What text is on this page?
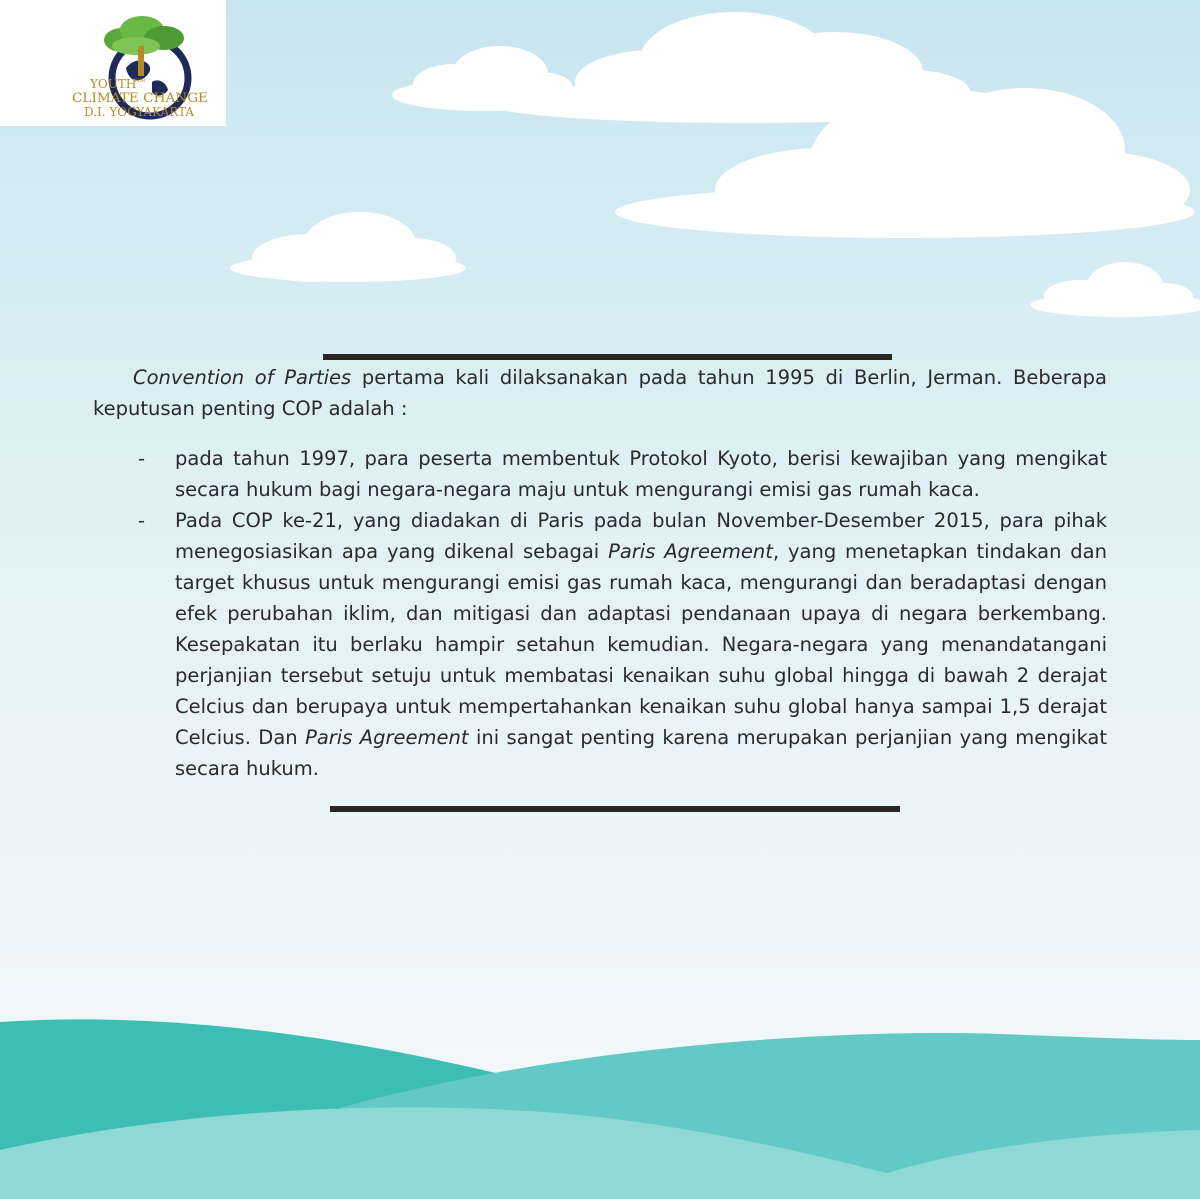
YOUTH
FOR
CLIMATE CHANGE
D.I. YOGYAKARTA

Convention of Parties pertama kali dilaksanakan pada tahun 1995 di Berlin, Jerman. Beberapa keputusan penting COP adalah :

- pada tahun 1997, para peserta membentuk Protokol Kyoto, berisi kewajiban yang mengikat secara hukum bagi negara-negara maju untuk mengurangi emisi gas rumah kaca.
- Pada COP ke-21, yang diadakan di Paris pada bulan November-Desember 2015, para pihak menegosiasikan apa yang dikenal sebagai Paris Agreement, yang menetapkan tindakan dan target khusus untuk mengurangi emisi gas rumah kaca, mengurangi dan beradaptasi dengan efek perubahan iklim, dan mitigasi dan adaptasi pendanaan upaya di negara berkembang. Kesepakatan itu berlaku hampir setahun kemudian. Negara-negara yang menandatangani perjanjian tersebut setuju untuk membatasi kenaikan suhu global hingga di bawah 2 derajat Celcius dan berupaya untuk mempertahankan kenaikan suhu global hanya sampai 1,5 derajat Celcius. Dan Paris Agreement ini sangat penting karena merupakan perjanjian yang mengikat secara hukum.
